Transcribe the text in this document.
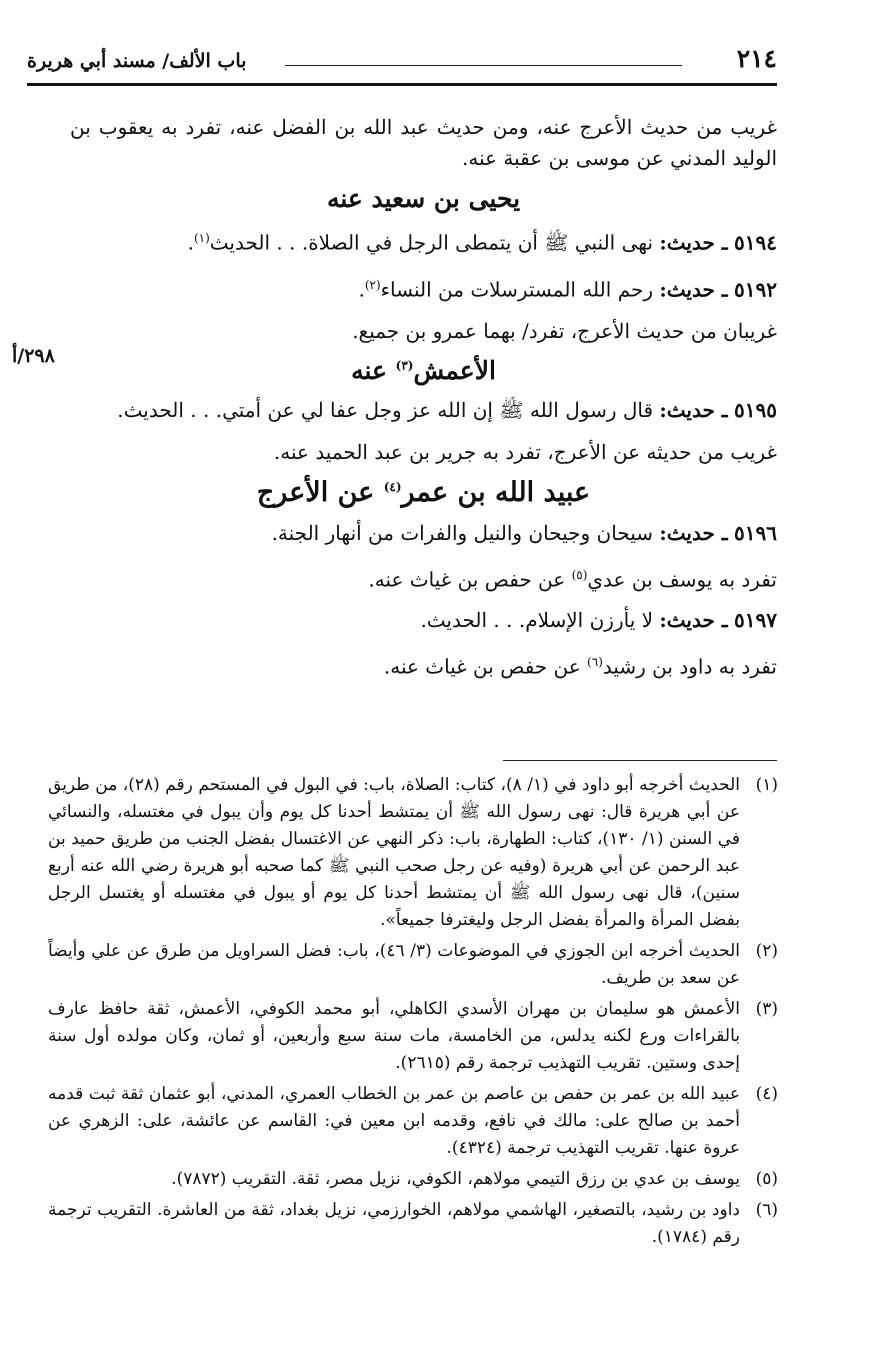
٢١٤
باب الألف/ مسند أبي هريرة
٢٩٨/أ

غريب من حديث الأعرج عنه، ومن حديث عبد الله بن الفضل عنه، تفرد به يعقوب بن الوليد المدني عن موسى بن عقبة عنه.

يحيى بن سعيد عنه

٥١٩٤ ـ حديث: نهى النبي ﷺ أن يتمطى الرجل في الصلاة. . . الحديث$^{(١)}$.

٥١٩٢ ـ حديث: رحم الله المسترسلات من النساء$^{(٢)}$.

غريبان من حديث الأعرج، تفرد/ بهما عمرو بن جميع.

الأعمش$^{(٣)}$ عنه

٥١٩٥ ـ حديث: قال رسول الله ﷺ إن الله عز وجل عفا لي عن أمتي. . . الحديث.

غريب من حديثه عن الأعرج، تفرد به جرير بن عبد الحميد عنه.

عبيد الله بن عمر$^{(٤)}$ عن الأعرج

٥١٩٦ ـ حديث: سيحان وجيحان والنيل والفرات من أنهار الجنة.

تفرد به يوسف بن عدي$^{(٥)}$ عن حفص بن غياث عنه.

٥١٩٧ ـ حديث: لا يأرزن الإسلام. . . الحديث.

تفرد به داود بن رشيد$^{(٦)}$ عن حفص بن غياث عنه.

(١)
الحديث أخرجه أبو داود في (١/ ٨)، كتاب: الصلاة، باب: في البول في المستحم رقم (٢٨)، من طريق عن أبي هريرة قال: نهى رسول الله ﷺ أن يمتشط أحدنا كل يوم وأن يبول في مغتسله، والنسائي في السنن (١/ ١٣٠)، كتاب: الطهارة، باب: ذكر النهي عن الاغتسال بفضل الجنب من طريق حميد بن عبد الرحمن عن أبي هريرة (وفيه عن رجل صحب النبي ﷺ كما صحبه أبو هريرة رضي الله عنه أربع سنين)، قال نهى رسول الله ﷺ أن يمتشط أحدنا كل يوم أو يبول في مغتسله أو يغتسل الرجل بفضل المرأة والمرأة بفضل الرجل وليغترفا جميعاً».
(٢)
الحديث أخرجه ابن الجوزي في الموضوعات (٣/ ٤٦)، باب: فضل السراويل من طرق عن علي وأيضاً عن سعد بن طريف.
(٣)
الأعمش هو سليمان بن مهران الأسدي الكاهلي، أبو محمد الكوفي، الأعمش، ثقة حافظ عارف بالقراءات ورع لكنه يدلس، من الخامسة، مات سنة سبع وأربعين، أو ثمان، وكان مولده أول سنة إحدى وستين. تقريب التهذيب ترجمة رقم (٢٦١٥).
(٤)
عبيد الله بن عمر بن حفص بن عاصم بن عمر بن الخطاب العمري، المدني، أبو عثمان ثقة ثبت قدمه أحمد بن صالح على: مالك في نافع، وقدمه ابن معين في: القاسم عن عائشة، على: الزهري عن عروة عنها. تقريب التهذيب ترجمة (٤٣٢٤).
(٥)
يوسف بن عدي بن رزق التيمي مولاهم، الكوفي، نزيل مصر، ثقة. التقريب (٧٨٧٢).
(٦)
داود بن رشيد، بالتصغير، الهاشمي مولاهم، الخوارزمي، نزيل بغداد، ثقة من العاشرة. التقريب ترجمة رقم (١٧٨٤).
